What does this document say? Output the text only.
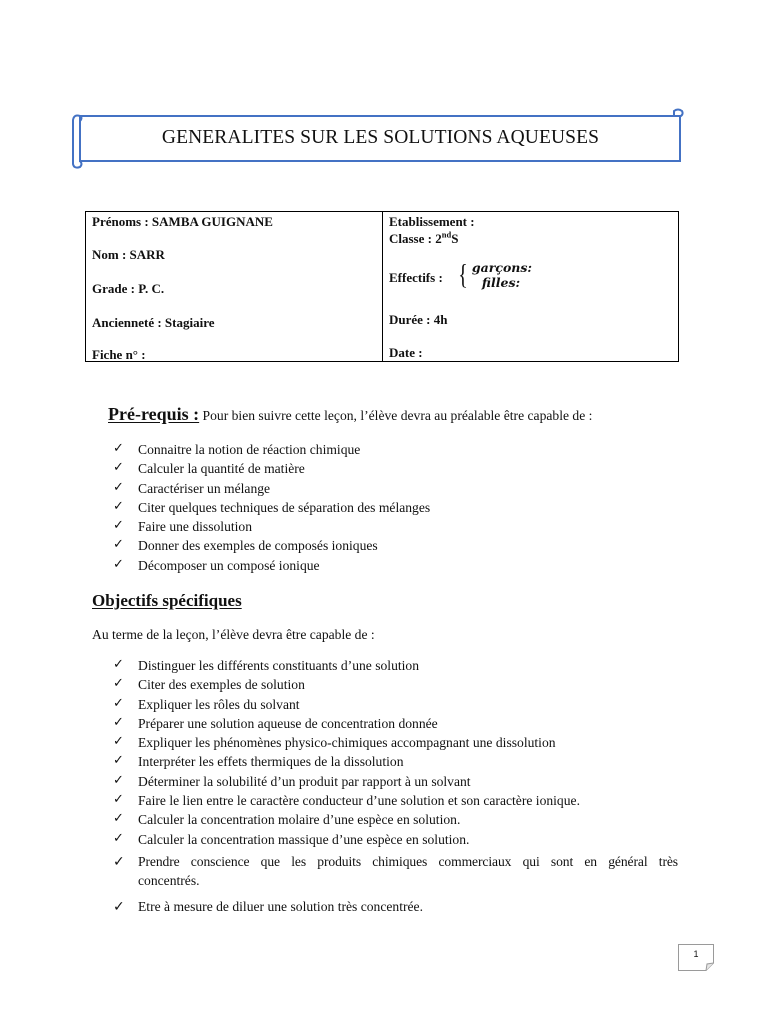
GENERALITES SUR LES SOLUTIONS AQUEUSES
Prénoms : SAMBA GUIGNANE
Nom : SARR
Grade : P. C.
Ancienneté : Stagiaire
Fiche n° :
Etablissement :
Classe : 2ndS
Effectifs : { garçons:
filles:
Durée : 4h
Date :
Pré-requis : Pour bien suivre cette leçon, l’élève devra au préalable être capable de :
✓ Connaitre la notion de réaction chimique
✓ Calculer la quantité de matière
✓ Caractériser un mélange
✓ Citer quelques techniques de séparation des mélanges
✓ Faire une dissolution
✓ Donner des exemples de composés ioniques
✓ Décomposer un composé ionique
Objectifs spécifiques
Au terme de la leçon, l’élève devra être capable de :
✓ Distinguer les différents constituants d’une solution
✓ Citer des exemples de solution
✓ Expliquer les rôles du solvant
✓ Préparer une solution aqueuse de concentration donnée
✓ Expliquer les phénomènes physico-chimiques accompagnant une dissolution
✓ Interpréter les effets thermiques de la dissolution
✓ Déterminer la solubilité d’un produit par rapport à un solvant
✓ Faire le lien entre le caractère conducteur d’une solution et son caractère ionique.
✓ Calculer la concentration molaire d’une espèce en solution.
✓ Calculer la concentration massique d’une espèce en solution.
✓ Prendre conscience que les produits chimiques commerciaux qui sont en général très
concentrés.
✓ Etre à mesure de diluer une solution très concentrée.
1
